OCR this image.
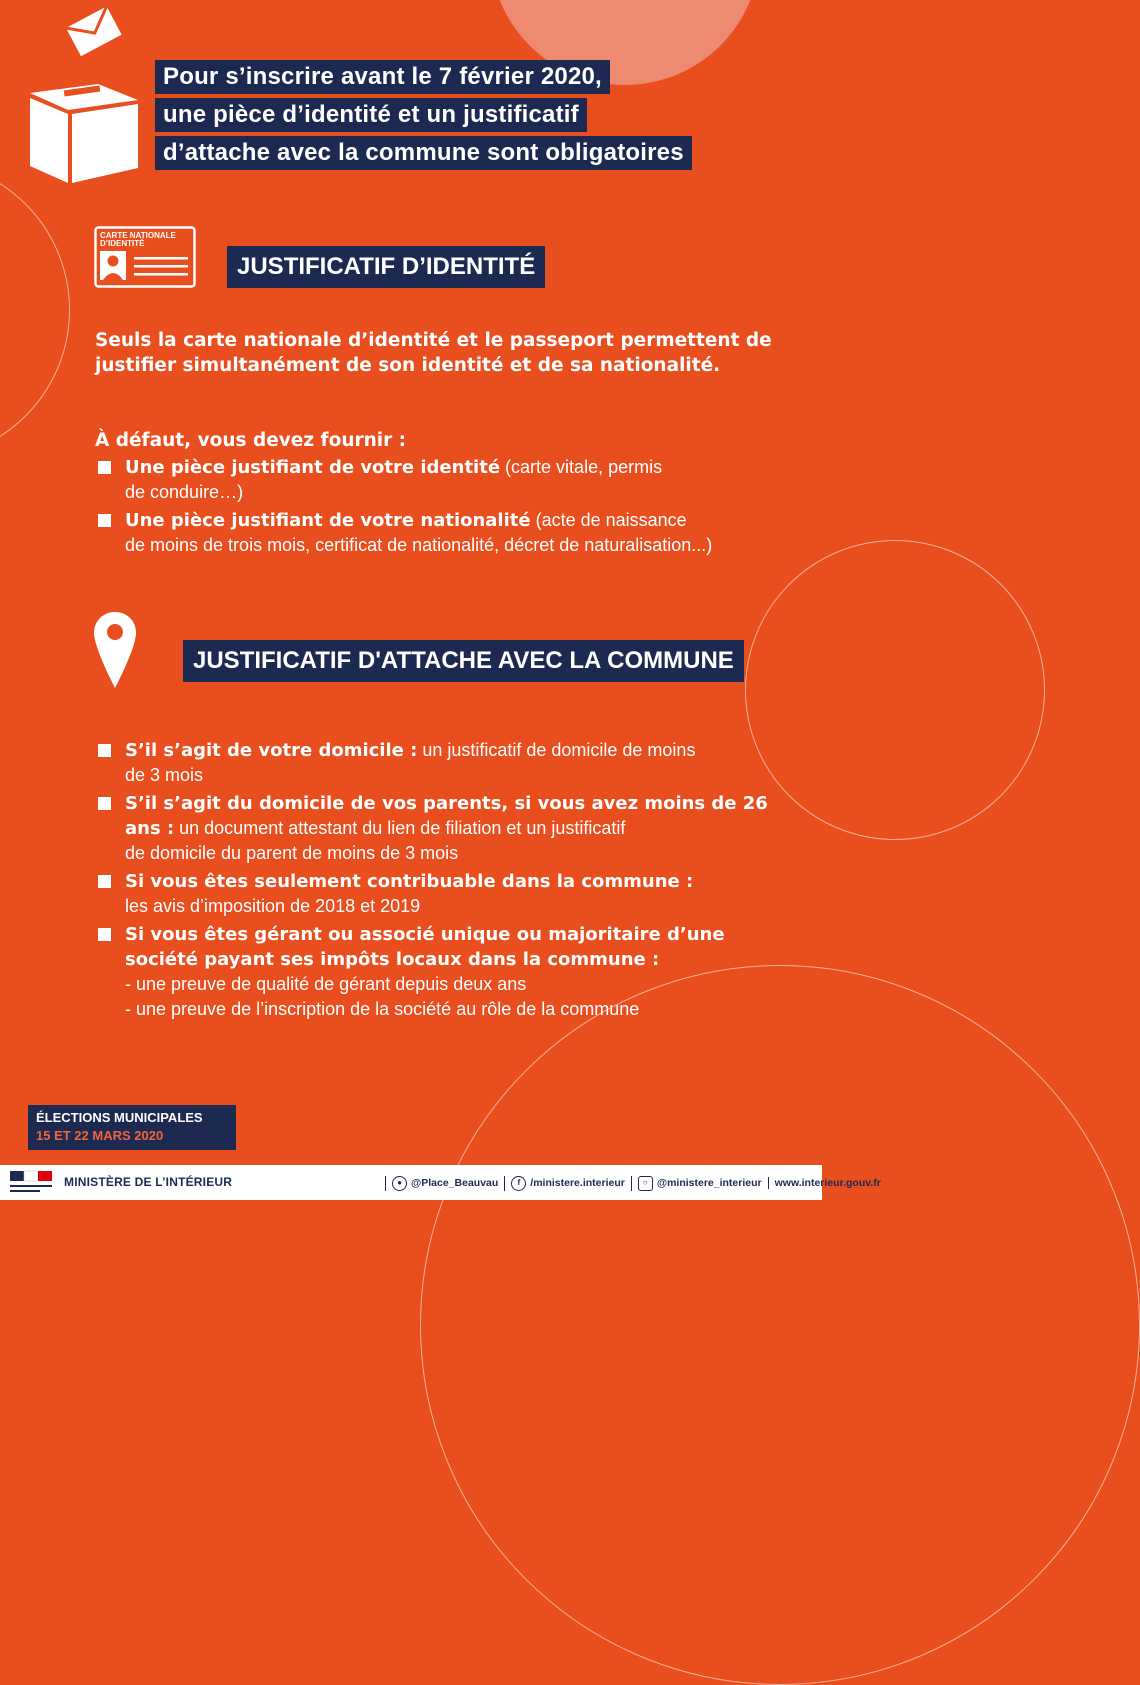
Pour s’inscrire avant le 7 février 2020,
une pièce d’identité et un justificatif
d’attache avec la commune sont obligatoires
CARTE NATIONALE
D’IDENTITÉ
JUSTIFICATIF D’IDENTITÉ

Seuls la carte nationale d’identité et le passeport permettent de justifier simultanément de son identité et de sa nationalité.

À défaut, vous devez fournir :

Une pièce justifiant de votre identité (carte vitale, permis
de conduire…)
Une pièce justifiant de votre nationalité (acte de naissance
de moins de trois mois, certificat de nationalité, décret de naturalisation...)
JUSTIFICATIF D'ATTACHE AVEC LA COMMUNE
S’il s’agit de votre domicile : un justificatif de domicile de moins
de 3 mois
S’il s’agit du domicile de vos parents, si vous avez moins de 26 ans : un document attestant du lien de filiation et un justificatif
de domicile du parent de moins de 3 mois
Si vous êtes seulement contribuable dans la commune :
les avis d’imposition de 2018 et 2019
Si vous êtes gérant ou associé unique ou majoritaire d’une société payant ses impôts locaux dans la commune :
- une preuve de qualité de gérant depuis deux ans
- une preuve de l’inscription de la société au rôle de la commune
ÉLECTIONS MUNICIPALES
15 ET 22 MARS 2020
MINISTÈRE DE L’INTÉRIEUR	● @Place_Beauvau	f /ministere.interieur	○ @ministere_interieur www.interieur.gouv.fr
